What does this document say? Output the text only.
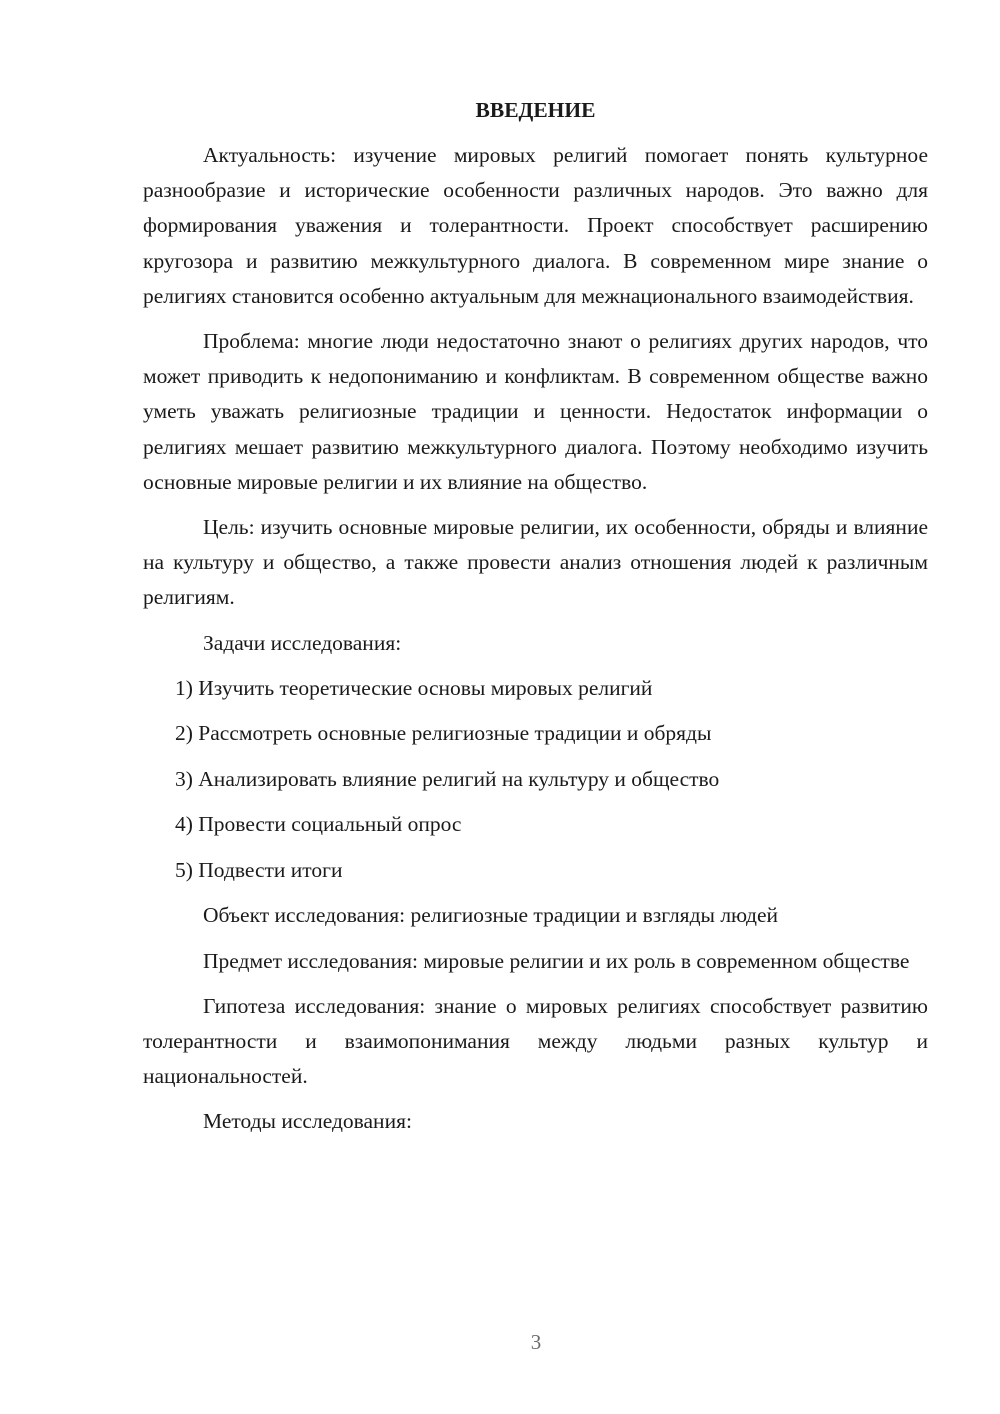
ВВЕДЕНИЕ

Актуальность: изучение мировых религий помогает понять культурное разнообразие и исторические особенности различных народов. Это важно для формирования уважения и толерантности. Проект способствует расширению кругозора и развитию межкультурного диалога. В современном мире знание о религиях становится особенно актуальным для межнационального взаимодействия.

Проблема: многие люди недостаточно знают о религиях других народов, что может приводить к недопониманию и конфликтам. В современном обществе важно уметь уважать религиозные традиции и ценности. Недостаток информации о религиях мешает развитию межкультурного диалога. Поэтому необходимо изучить основные мировые религии и их влияние на общество.

Цель: изучить основные мировые религии, их особенности, обряды и влияние на культуру и общество, а также провести анализ отношения людей к различным религиям.

Задачи исследования:

1) Изучить теоретические основы мировых религий
2) Рассмотреть основные религиозные традиции и обряды
3) Анализировать влияние религий на культуру и общество
4) Провести социальный опрос
5) Подвести итоги

Объект исследования: религиозные традиции и взгляды людей

Предмет исследования: мировые религии и их роль в современном обществе

Гипотеза исследования: знание о мировых религиях способствует развитию толерантности и взаимопонимания между людьми разных культур и национальностей.

Методы исследования:

3
